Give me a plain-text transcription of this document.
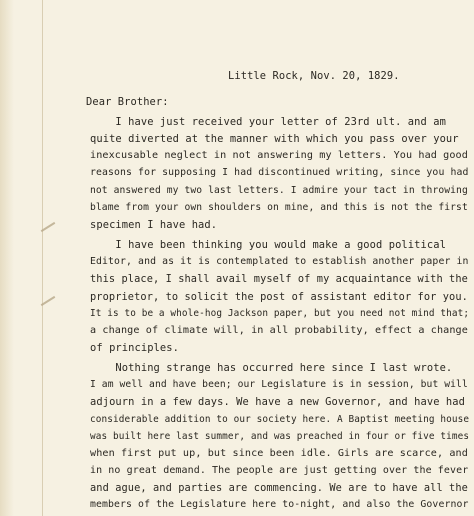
Little Rock, Nov. 20, 1829.
Dear Brother:
I have just received your letter of 23rd ult. and am
quite diverted at the manner with which you pass over your
inexcusable neglect in not answering my letters. You had good
reasons for supposing I had discontinued writing, since you had
not answered my two last letters. I admire your tact in throwing
blame from your own shoulders on mine, and this is not the first
specimen I have had.
I have been thinking you would make a good political
Editor, and as it is contemplated to establish another paper in
this place, I shall avail myself of my acquaintance with the
proprietor, to solicit the post of assistant editor for you.
It is to be a whole-hog Jackson paper, but you need not mind that;
a change of climate will, in all probability, effect a change
of principles.
Nothing strange has occurred here since I last wrote.
I am well and have been; our Legislature is in session, but will
adjourn in a few days. We have a new Governor, and have had
considerable addition to our society here. A Baptist meeting house
was built here last summer, and was preached in four or five times
when first put up, but since been idle. Girls are scarce, and
in no great demand. The people are just getting over the fever
and ague, and parties are commencing. We are to have all the
members of the Legislature here to-night, and also the Governor
